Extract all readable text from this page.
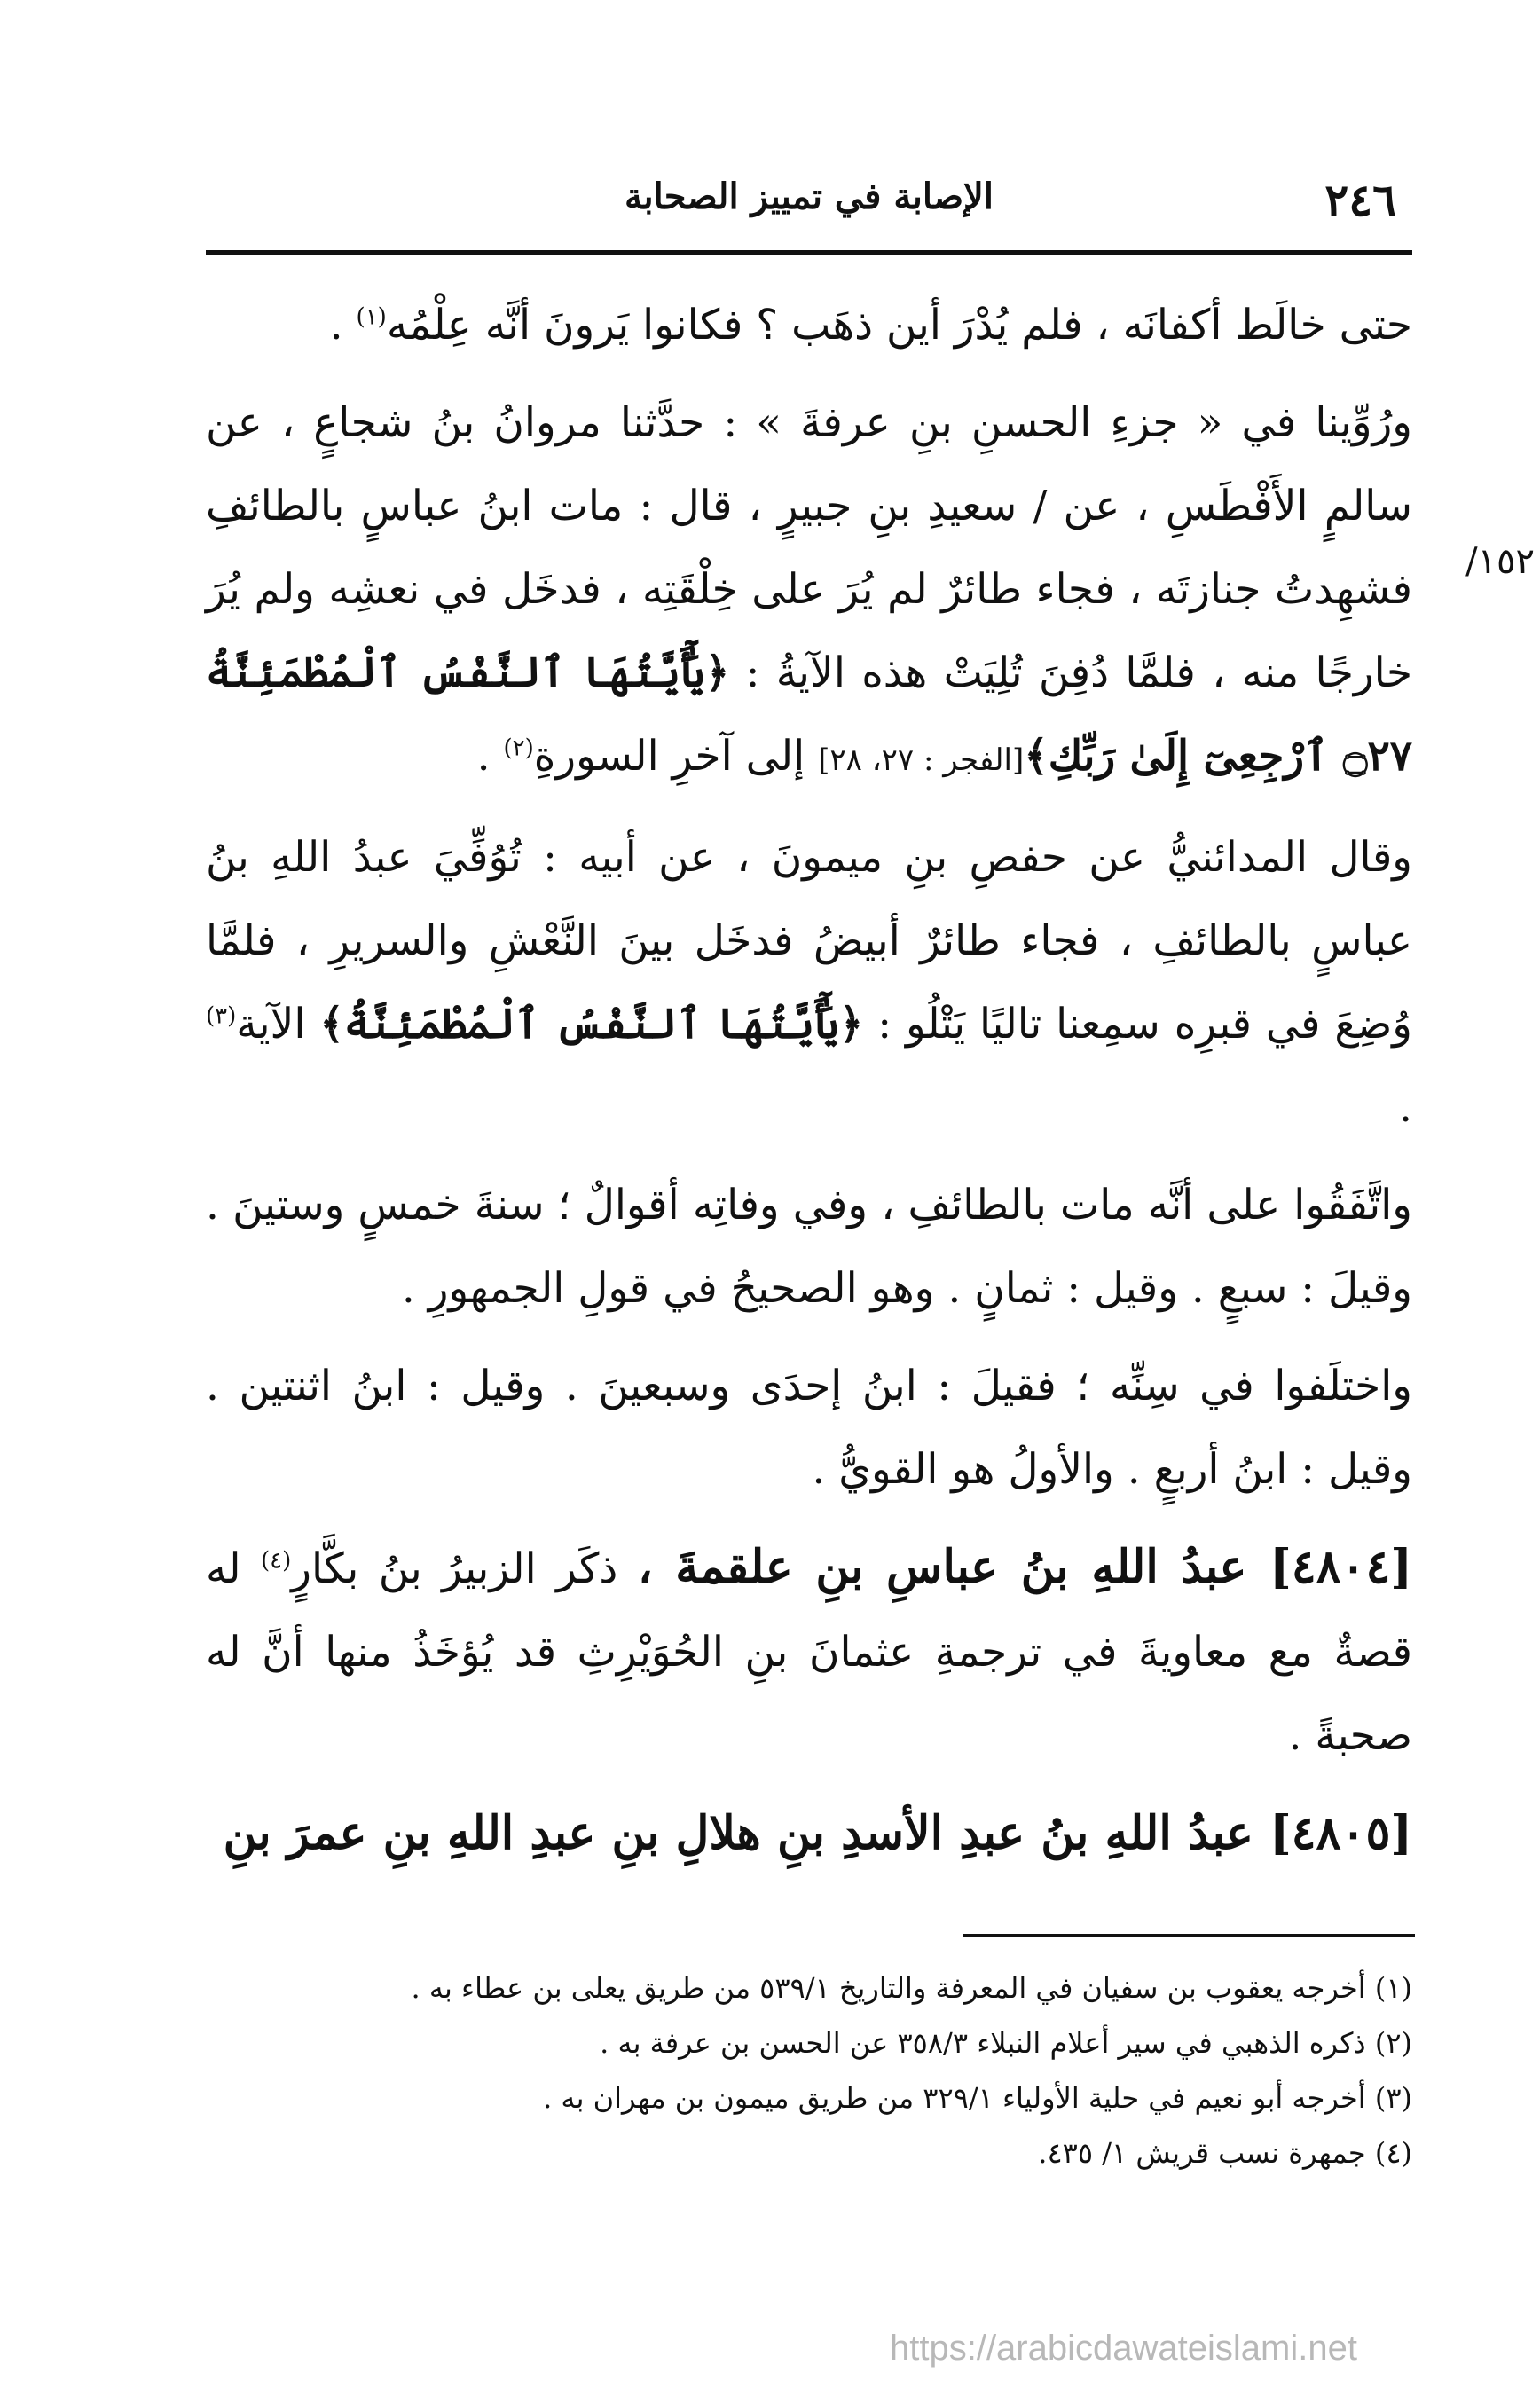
٢٤٦
الإصابة في تمييز الصحابة
١٥٢/

حتى خالَط أكفانَه ، فلم يُدْرَ أين ذهَب ؟ فكانوا يَرونَ أنَّه عِلْمُه$^{(١)}$ .

ورُوِّينا في « جزءِ الحسنِ بنِ عرفةَ » : حدَّثنا مروانُ بنُ شجاعٍ ، عن سالمٍ الأَفْطَسِ ، عن / سعيدِ بنِ جبيرٍ ، قال : مات ابنُ عباسٍ بالطائفِ فشهِدتُ جنازتَه ، فجاء طائرٌ لم يُرَ على خِلْقَتِه ، فدخَل في نعشِه ولم يُرَ خارجًا منه ، فلمَّا دُفِنَ تُلِيَتْ هذه الآيةُ : ﴿يَٰٓأَيَّتُهَا ٱلنَّفْسُ ٱلْمُطْمَئِنَّةُ ۝٢٧ ٱرْجِعِىٓ إِلَىٰ رَبِّكِ﴾[الفجر : ٢٧، ٢٨] إلى آخرِ السورةِ$^{(٢)}$ .

وقال المدائنيُّ عن حفصِ بنِ ميمونَ ، عن أبيه : تُوُفِّيَ عبدُ اللهِ بنُ عباسٍ بالطائفِ ، فجاء طائرٌ أبيضُ فدخَل بينَ النَّعْشِ والسريرِ ، فلمَّا وُضِعَ في قبرِه سمِعنا تاليًا يَتْلُو : ﴿يَٰٓأَيَّتُهَا ٱلنَّفْسُ ٱلْمُطْمَئِنَّةُ﴾ الآية$^{(٣)}$ .

واتَّفَقُوا على أنَّه مات بالطائفِ ، وفي وفاتِه أقوالٌ ؛ سنةَ خمسٍ وستينَ . وقيلَ : سبعٍ . وقيل : ثمانٍ . وهو الصحيحُ في قولِ الجمهورِ .

واختلَفوا في سِنِّه ؛ فقيلَ : ابنُ إحدَى وسبعينَ . وقيل : ابنُ اثنتين . وقيل : ابنُ أربعٍ . والأولُ هو القويُّ .

[٤٨٠٤] عبدُ اللهِ بنُ عباسِ بنِ علقمةَ ، ذكَر الزبيرُ بنُ بكَّارٍ$^{(٤)}$ له قصةٌ مع معاويةَ في ترجمةِ عثمانَ بنِ الحُوَيْرِثِ قد يُؤخَذُ منها أنَّ له صحبةً .

[٤٨٠٥] عبدُ اللهِ بنُ عبدِ الأسدِ بنِ هلالِ بنِ عبدِ اللهِ بنِ عمرَ بنِ

(١) أخرجه يعقوب بن سفيان في المعرفة والتاريخ ٥٣٩/١ من طريق يعلى بن عطاء به .

(٢) ذكره الذهبي في سير أعلام النبلاء ٣٥٨/٣ عن الحسن بن عرفة به .

(٣) أخرجه أبو نعيم في حلية الأولياء ٣٢٩/١ من طريق ميمون بن مهران به .

(٤) جمهرة نسب قريش ١/ ٤٣٥.

https://arabicdawateislami.net
